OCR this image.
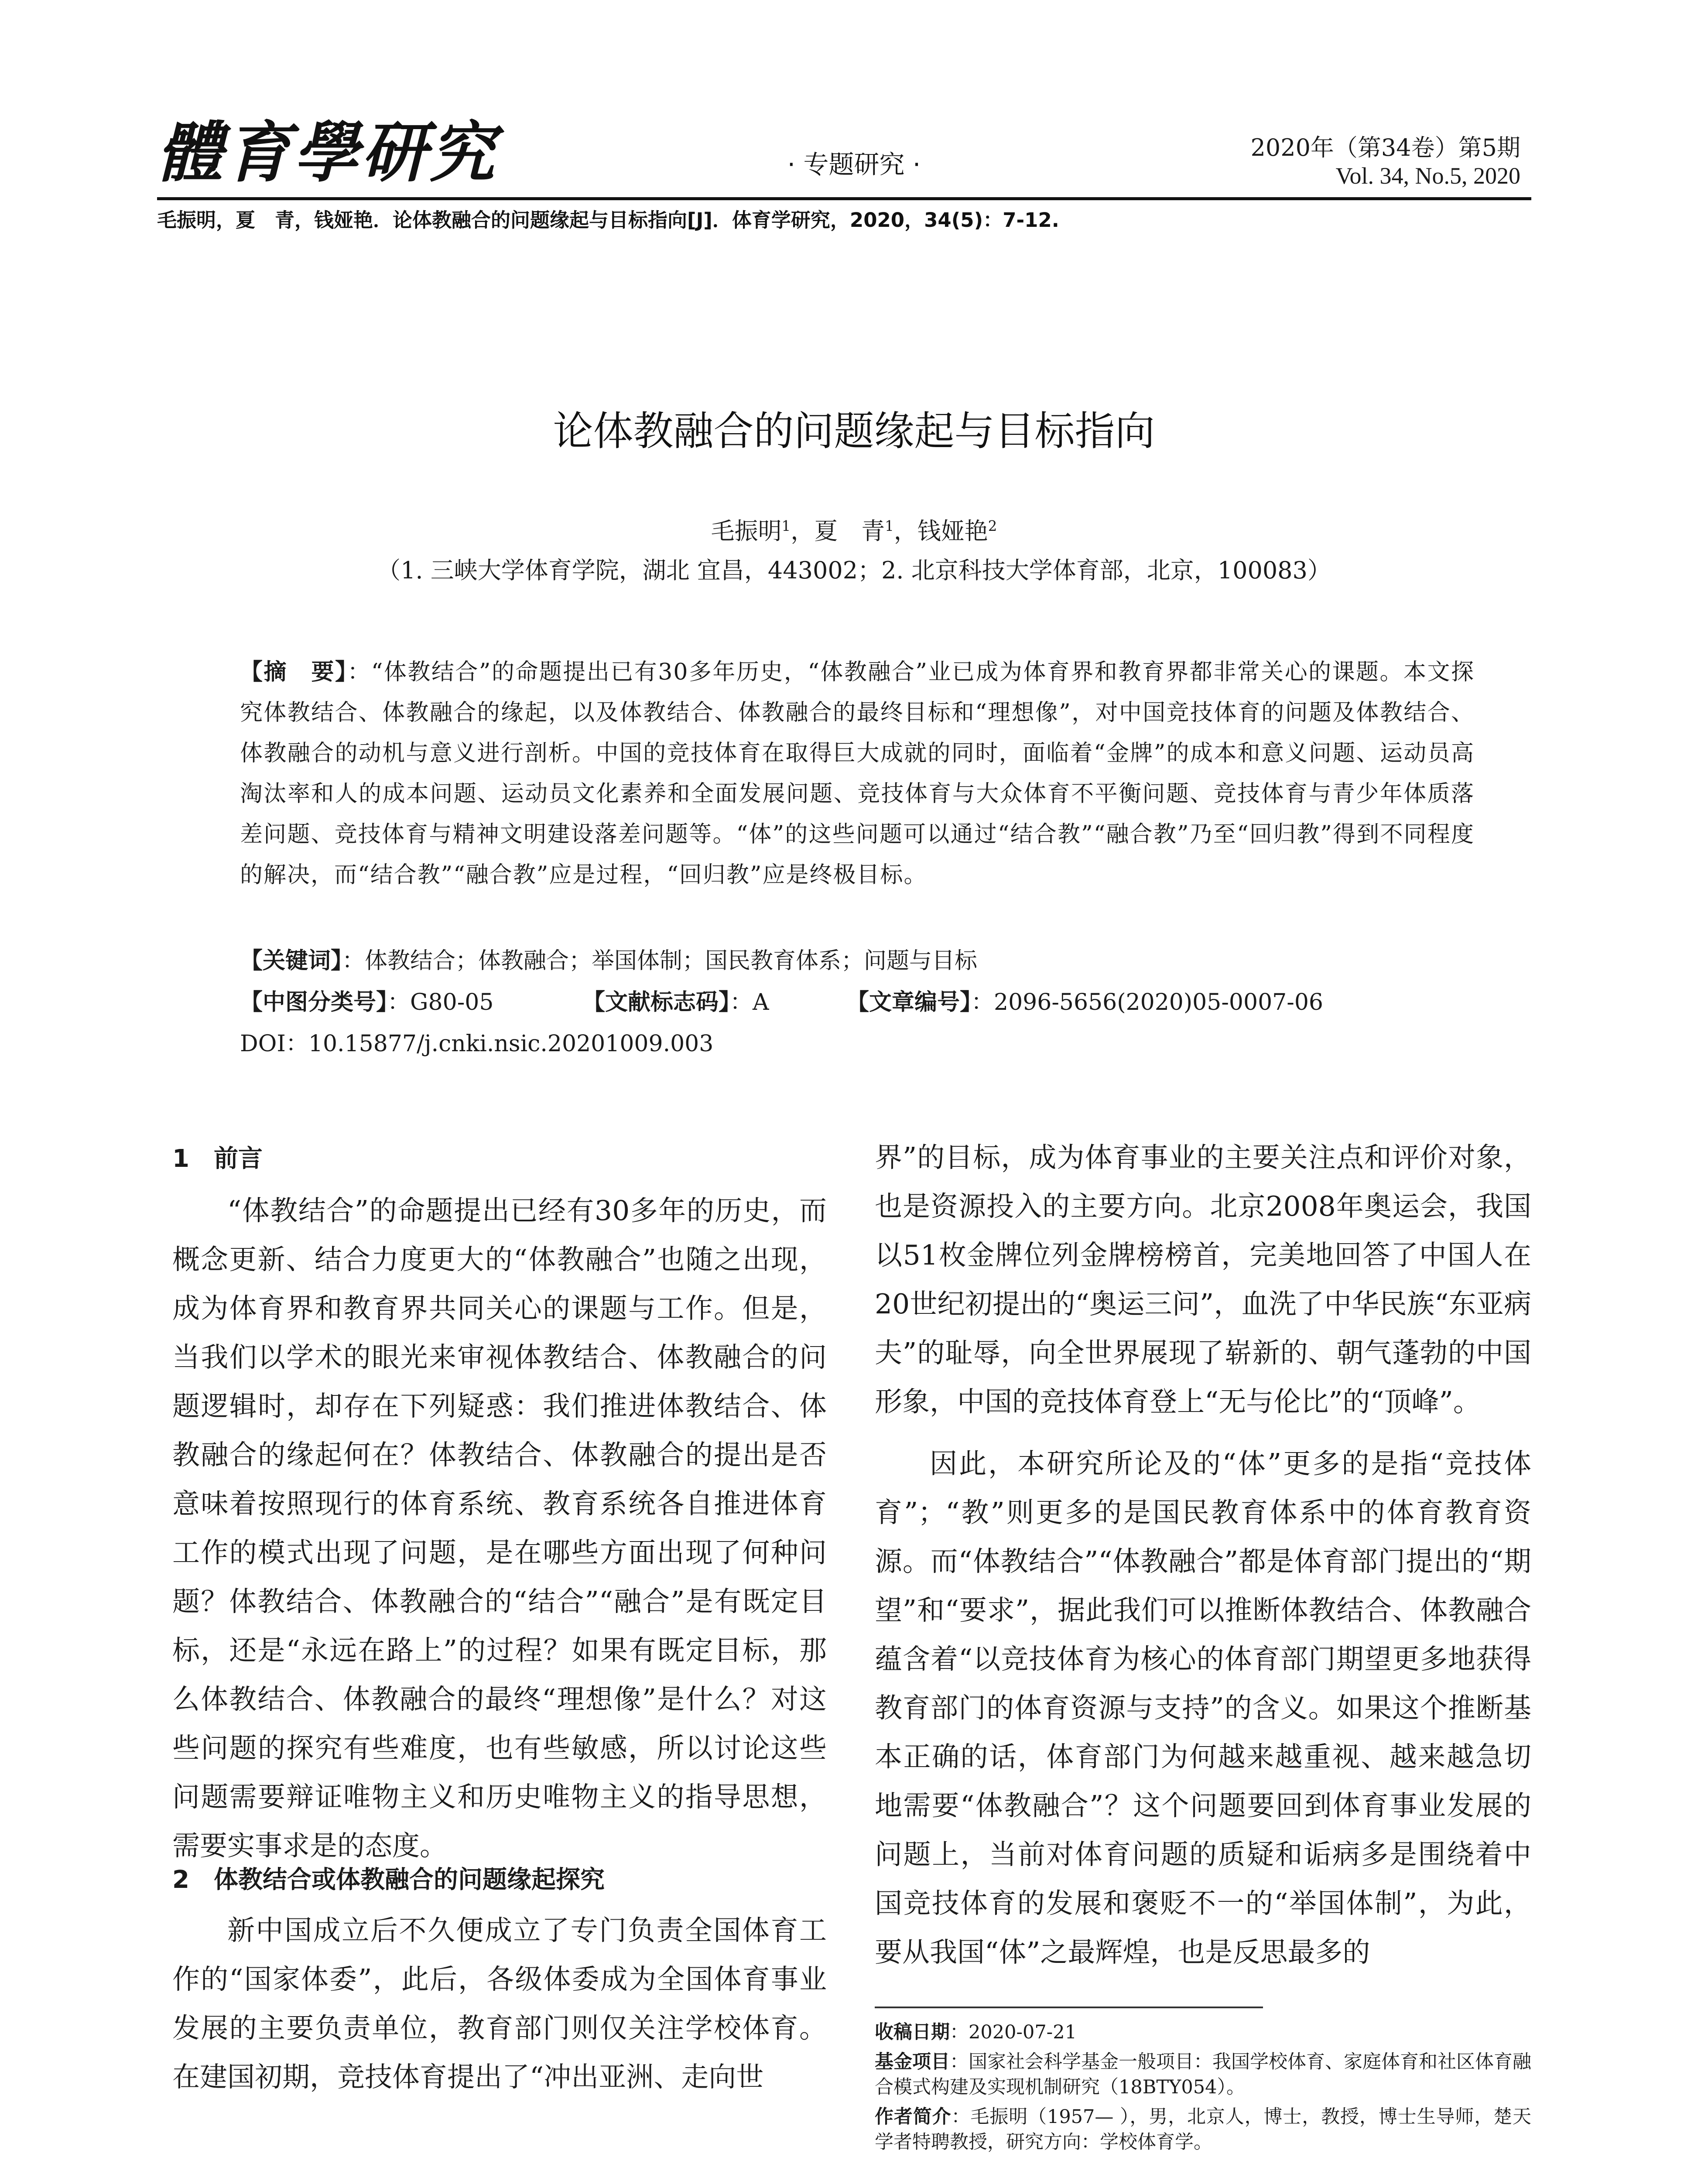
體育學研究	· 专题研究 ·
2020年（第34卷）第5期
Vol. 34, No.5, 2020
毛振明，夏　青，钱娅艳．论体教融合的问题缘起与目标指向[J]．体育学研究，2020，34(5)：7-12.
论体教融合的问题缘起与目标指向
毛振明$^1$，夏　青$^1$，钱娅艳$^2$
（1. 三峡大学体育学院，湖北 宜昌，443002；2. 北京科技大学体育部，北京，100083）
【摘　要】：“体教结合”的命题提出已有30多年历史，“体教融合”业已成为体育界和教育界都非常关心的课题。本文探究体教结合、体教融合的缘起，以及体教结合、体教融合的最终目标和“理想像”，对中国竞技体育的问题及体教结合、体教融合的动机与意义进行剖析。中国的竞技体育在取得巨大成就的同时，面临着“金牌”的成本和意义问题、运动员高淘汰率和人的成本问题、运动员文化素养和全面发展问题、竞技体育与大众体育不平衡问题、竞技体育与青少年体质落差问题、竞技体育与精神文明建设落差问题等。“体”的这些问题可以通过“结合教”“融合教”乃至“回归教”得到不同程度的解决，而“结合教”“融合教”应是过程，“回归教”应是终极目标。
【关键词】：体教结合；体教融合；举国体制；国民教育体系；问题与目标
【中图分类号】：G80-05	【文献标志码】：A	【文章编号】：2096-5656(2020)05-0007-06
DOI：10.15877/j.cnki.nsic.20201009.003
1　前言

“体教结合”的命题提出已经有30多年的历史，而概念更新、结合力度更大的“体教融合”也随之出现，成为体育界和教育界共同关心的课题与工作。但是，当我们以学术的眼光来审视体教结合、体教融合的问题逻辑时，却存在下列疑惑：我们推进体教结合、体教融合的缘起何在？体教结合、体教融合的提出是否意味着按照现行的体育系统、教育系统各自推进体育工作的模式出现了问题，是在哪些方面出现了何种问题？体教结合、体教融合的“结合”“融合”是有既定目标，还是“永远在路上”的过程？如果有既定目标，那么体教结合、体教融合的最终“理想像”是什么？对这些问题的探究有些难度，也有些敏感，所以讨论这些问题需要辩证唯物主义和历史唯物主义的指导思想，需要实事求是的态度。

2　体教结合或体教融合的问题缘起探究

新中国成立后不久便成立了专门负责全国体育工作的“国家体委”，此后，各级体委成为全国体育事业发展的主要负责单位，教育部门则仅关注学校体育。在建国初期，竞技体育提出了“冲出亚洲、走向世

界”的目标，成为体育事业的主要关注点和评价对象，也是资源投入的主要方向。北京2008年奥运会，我国以51枚金牌位列金牌榜榜首，完美地回答了中国人在20世纪初提出的“奥运三问”，血洗了中华民族“东亚病夫”的耻辱，向全世界展现了崭新的、朝气蓬勃的中国形象，中国的竞技体育登上“无与伦比”的“顶峰”。

因此，本研究所论及的“体”更多的是指“竞技体育”；“教”则更多的是国民教育体系中的体育教育资源。而“体教结合”“体教融合”都是体育部门提出的“期望”和“要求”，据此我们可以推断体教结合、体教融合蕴含着“以竞技体育为核心的体育部门期望更多地获得教育部门的体育资源与支持”的含义。如果这个推断基本正确的话，体育部门为何越来越重视、越来越急切地需要“体教融合”？这个问题要回到体育事业发展的问题上，当前对体育问题的质疑和诟病多是围绕着中国竞技体育的发展和褒贬不一的“举国体制”，为此，要从我国“体”之最辉煌，也是反思最多的

收稿日期：2020-07-21
基金项目：国家社会科学基金一般项目：我国学校体育、家庭体育和社区体育融合模式构建及实现机制研究（18BTY054）。
作者简介：毛振明（1957— ），男，北京人，博士，教授，博士生导师，楚天学者特聘教授，研究方向：学校体育学。
